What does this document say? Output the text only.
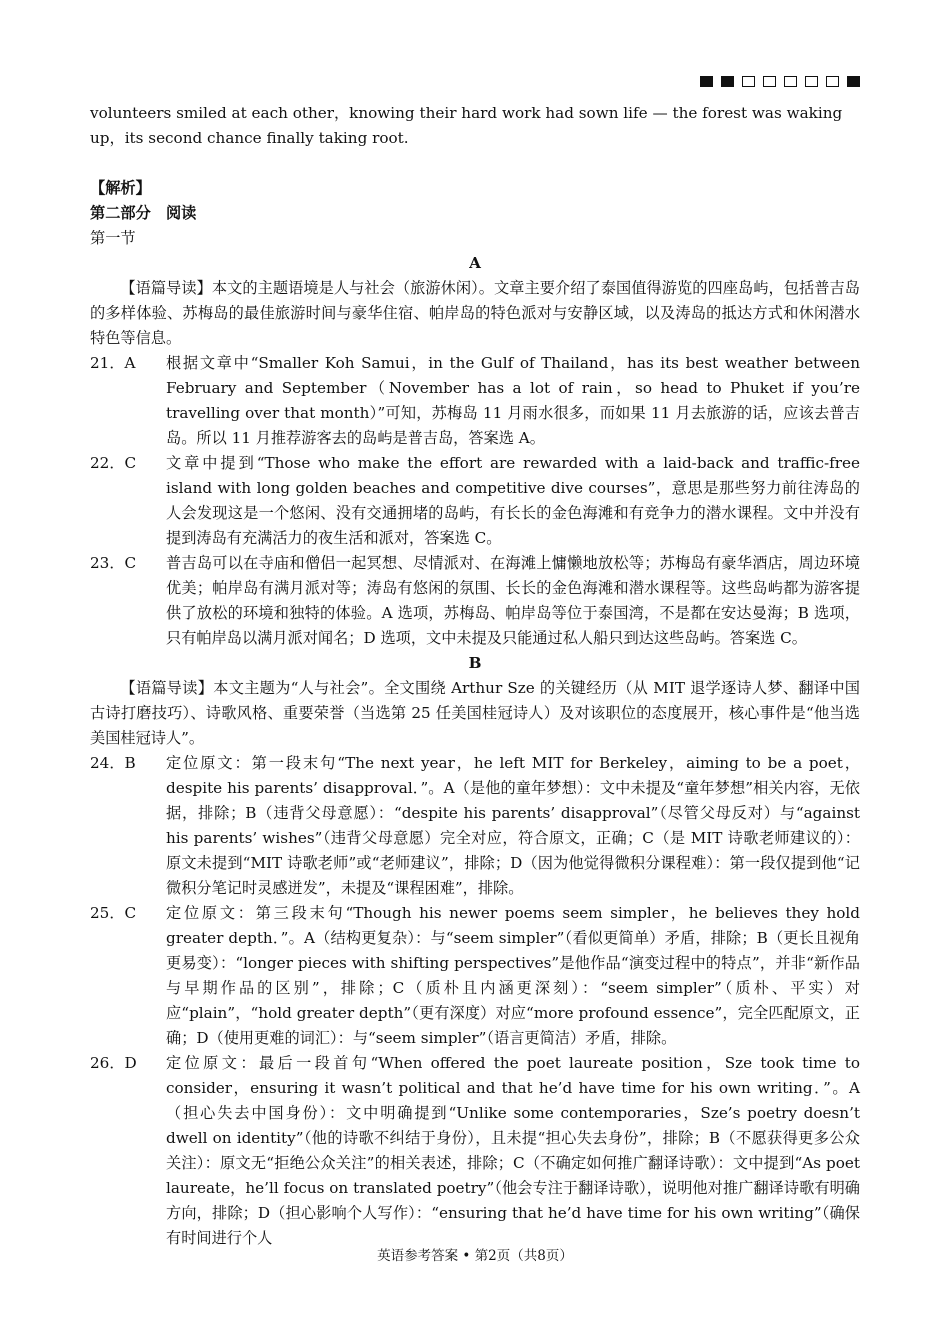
volunteers smiled at each other，knowing their hard work had sown life — the forest was waking up，its second chance finally taking root.

【解析】

第二部分　阅读

第一节

A

【语篇导读】本文的主题语境是人与社会（旅游休闲）。文章主要介绍了泰国值得游览的四座岛屿，包括普吉岛的多样体验、苏梅岛的最佳旅游时间与豪华住宿、帕岸岛的特色派对与安静区域，以及涛岛的抵达方式和休闲潜水特色等信息。

21．A	根据文章中“Smaller Koh Samui，in the Gulf of Thailand，has its best weather between February and September（November has a lot of rain，so head to Phuket if you’re travelling over that month）”可知，苏梅岛 11 月雨水很多，而如果 11 月去旅游的话，应该去普吉岛。所以 11 月推荐游客去的岛屿是普吉岛，答案选 A。
22．C	文章中提到“Those who make the effort are rewarded with a laid-back and traffic-free island with long golden beaches and competitive dive courses”，意思是那些努力前往涛岛的人会发现这是一个悠闲、没有交通拥堵的岛屿，有长长的金色海滩和有竞争力的潜水课程。文中并没有提到涛岛有充满活力的夜生活和派对，答案选 C。
23．C	普吉岛可以在寺庙和僧侣一起冥想、尽情派对、在海滩上慵懒地放松等；苏梅岛有豪华酒店，周边环境优美；帕岸岛有满月派对等；涛岛有悠闲的氛围、长长的金色海滩和潜水课程等。这些岛屿都为游客提供了放松的环境和独特的体验。A 选项，苏梅岛、帕岸岛等位于泰国湾，不是都在安达曼海；B 选项，只有帕岸岛以满月派对闻名；D 选项，文中未提及只能通过私人船只到达这些岛屿。答案选 C。

B

【语篇导读】本文主题为“人与社会”。全文围绕 Arthur Sze 的关键经历（从 MIT 退学逐诗人梦、翻译中国古诗打磨技巧）、诗歌风格、重要荣誉（当选第 25 任美国桂冠诗人）及对该职位的态度展开，核心事件是“他当选美国桂冠诗人”。

24．B	定位原文：第一段末句“The next year，he left MIT for Berkeley，aiming to be a poet，despite his parents’ disapproval．”。A（是他的童年梦想）：文中未提及“童年梦想”相关内容，无依据，排除；B（违背父母意愿）：“despite his parents’ disapproval”（尽管父母反对）与“against his parents’ wishes”（违背父母意愿）完全对应，符合原文，正确；C（是 MIT 诗歌老师建议的）：原文未提到“MIT 诗歌老师”或“老师建议”，排除；D（因为他觉得微积分课程难）：第一段仅提到他“记微积分笔记时灵感迸发”，未提及“课程困难”，排除。
25．C	定位原文：第三段末句“Though his newer poems seem simpler，he believes they hold greater depth．”。A（结构更复杂）：与“seem simpler”（看似更简单）矛盾，排除；B（更长且视角更易变）：“longer pieces with shifting perspectives”是他作品“演变过程中的特点”，并非“新作品与早期作品的区别”，排除；C（质朴且内涵更深刻）：“seem simpler”（质朴、平实）对应“plain”，“hold greater depth”（更有深度）对应“more profound essence”，完全匹配原文，正确；D（使用更难的词汇）：与“seem simpler”（语言更简洁）矛盾，排除。
26．D	定位原文：最后一段首句“When offered the poet laureate position，Sze took time to consider，ensuring it wasn’t political and that he’d have time for his own writing．”。A（担心失去中国身份）：文中明确提到“Unlike some contemporaries，Sze’s poetry doesn’t dwell on identity”（他的诗歌不纠结于身份），且未提“担心失去身份”，排除；B（不愿获得更多公众关注）：原文无“拒绝公众关注”的相关表述，排除；C（不确定如何推广翻译诗歌）：文中提到“As poet laureate，he’ll focus on translated poetry”（他会专注于翻译诗歌），说明他对推广翻译诗歌有明确方向，排除；D（担心影响个人写作）：“ensuring that he’d have time for his own writing”（确保有时间进行个人
英语参考答案 • 第2页（共8页）
